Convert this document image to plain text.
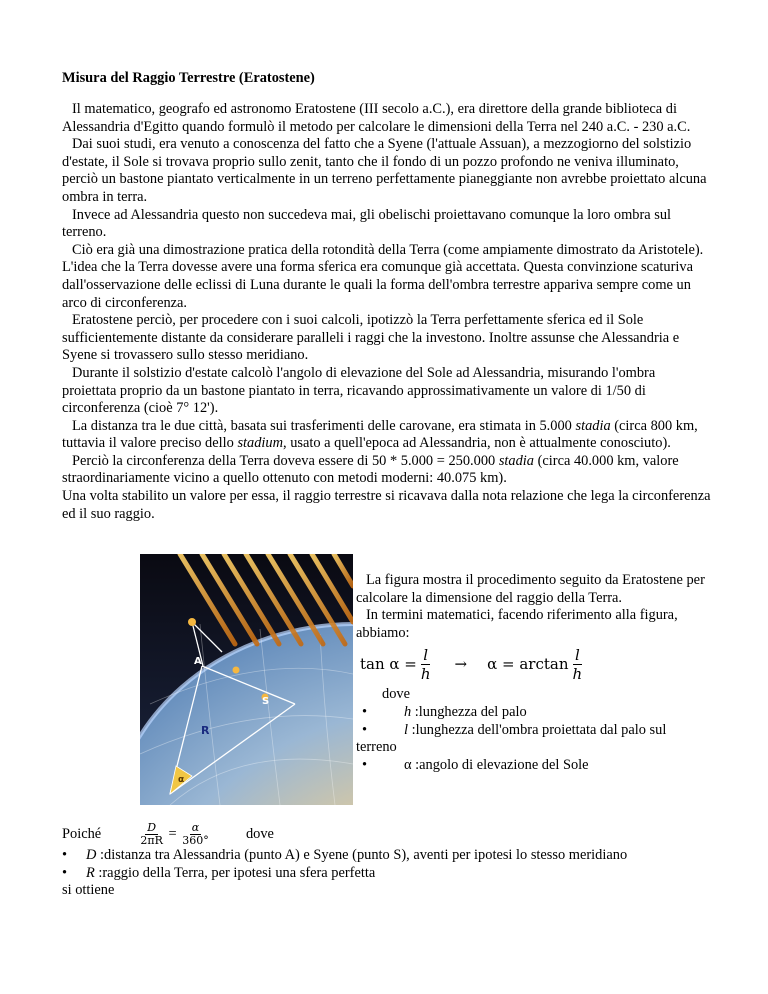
Misura del Raggio Terrestre (Eratostene)

Il matematico, geografo ed astronomo Eratostene (III secolo a.C.), era direttore della grande biblioteca di Alessandria d'Egitto quando formulò il metodo per calcolare le dimensioni della Terra nel 240 a.C. - 230 a.C.

Dai suoi studi, era venuto a conoscenza del fatto che a Syene (l'attuale Assuan), a mezzogiorno del solstizio d'estate, il Sole si trovava proprio sullo zenit, tanto che il fondo di un pozzo profondo ne veniva illuminato, perciò un bastone piantato verticalmente in un terreno perfettamente pianeggiante non avrebbe proiettato alcuna ombra in terra.

Invece ad Alessandria questo non succedeva mai, gli obelischi proiettavano comunque la loro ombra sul terreno.

Ciò era già una dimostrazione pratica della rotondità della Terra (come ampiamente dimostrato da Aristotele). L'idea che la Terra dovesse avere una forma sferica era comunque già accettata. Questa convinzione scaturiva dall'osservazione delle eclissi di Luna durante le quali la forma dell'ombra terrestre appariva sempre come un arco di circonferenza.

Eratostene perciò, per procedere con i suoi calcoli, ipotizzò la Terra perfettamente sferica ed il Sole sufficientemente distante da considerare paralleli i raggi che la investono. Inoltre assunse che Alessandria e Syene si trovassero sullo stesso meridiano.

Durante il solstizio d'estate calcolò l'angolo di elevazione del Sole ad Alessandria, misurando l'ombra proiettata proprio da un bastone piantato in terra, ricavando approssimativamente un valore di 1/50 di circonferenza (cioè 7° 12').

La distanza tra le due città, basata sui trasferimenti delle carovane, era stimata in 5.000 stadia (circa 800 km, tuttavia il valore preciso dello stadium, usato a quell'epoca ad Alessandria, non è attualmente conosciuto).

Perciò la circonferenza della Terra doveva essere di 50 * 5.000 = 250.000 stadia (circa 40.000 km, valore straordinariamente vicino a quello ottenuto con metodi moderni: 40.075 km).

Una volta stabilito un valore per essa, il raggio terrestre si ricavava dalla nota relazione che lega la circonferenza ed il suo raggio.

A
S
R
α

La figura mostra il procedimento seguito da Eratostene per calcolare la dimensione del raggio della Terra.

In termini matematici, facendo riferimento alla figura, abbiamo:

$\tan \alpha = \frac{l}{h} \to \alpha = \arctan \frac{l}{h}$

dove

•	h :lunghezza del palo
•	l :lunghezza dell'ombra proiettata dal palo sul

terreno

•	α :angolo di elevazione del Sole

Poiché	$\frac{D}{2\pi R} = \frac{\alpha}{360^\circ}$	dove

•	D :distanza tra Alessandria (punto A) e Syene (punto S), aventi per ipotesi lo stesso meridiano
•	R :raggio della Terra, per ipotesi una sfera perfetta

si ottiene
